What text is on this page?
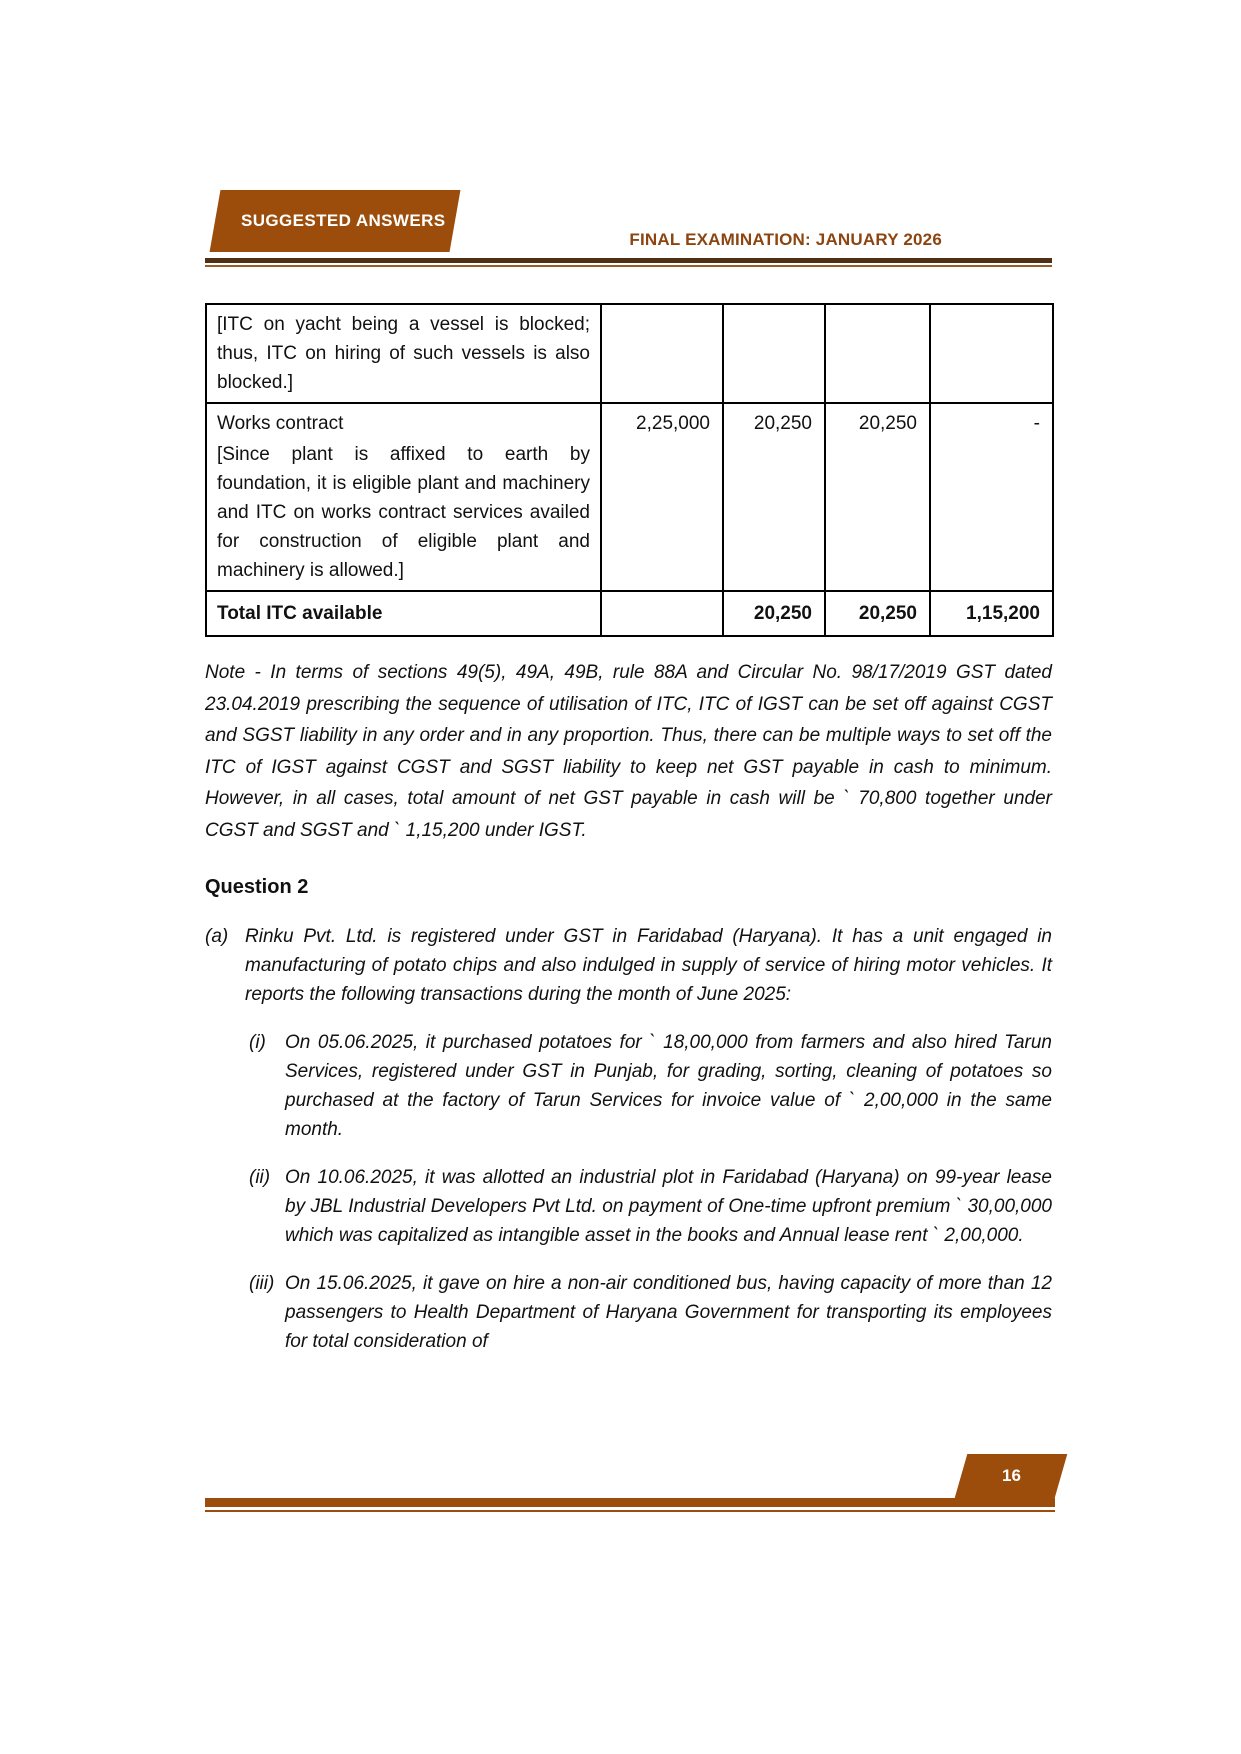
SUGGESTED ANSWERS
FINAL EXAMINATION: JANUARY 2026

[ITC on yacht being a vessel is blocked; thus, ITC on hiring of such vessels is also blocked.]				

Works contract

[Since plant is affixed to earth by foundation, it is eligible plant and machinery and ITC on works contract services availed for construction of eligible plant and machinery is allowed.]	2,25,000	20,250	20,250	-
Total ITC available		20,250	20,250	1,15,200

Note - In terms of sections 49(5), 49A, 49B, rule 88A and Circular No. 98/17/2019 GST dated 23.04.2019 prescribing the sequence of utilisation of ITC, ITC of IGST can be set off against CGST and SGST liability in any order and in any proportion. Thus, there can be multiple ways to set off the ITC of IGST against CGST and SGST liability to keep net GST payable in cash to minimum. However, in all cases, total amount of net GST payable in cash will be ` 70,800 together under CGST and SGST and ` 1,15,200 under IGST.

Question 2

(a) Rinku Pvt. Ltd. is registered under GST in Faridabad (Haryana). It has a unit engaged in manufacturing of potato chips and also indulged in supply of service of hiring motor vehicles. It reports the following transactions during the month of June 2025:
(i)	On 05.06.2025, it purchased potatoes for ` 18,00,000 from farmers and also hired Tarun Services, registered under GST in Punjab, for grading, sorting, cleaning of potatoes so purchased at the factory of Tarun Services for invoice value of ` 2,00,000 in the same month.
(ii) On 10.06.2025, it was allotted an industrial plot in Faridabad (Haryana) on 99-year lease by JBL Industrial Developers Pvt Ltd. on payment of One-time upfront premium ` 30,00,000 which was capitalized as intangible asset in the books and Annual lease rent ` 2,00,000.
(iii) On 15.06.2025, it gave on hire a non-air conditioned bus, having capacity of more than 12 passengers to Health Department of Haryana Government for transporting its employees for total consideration of
16
